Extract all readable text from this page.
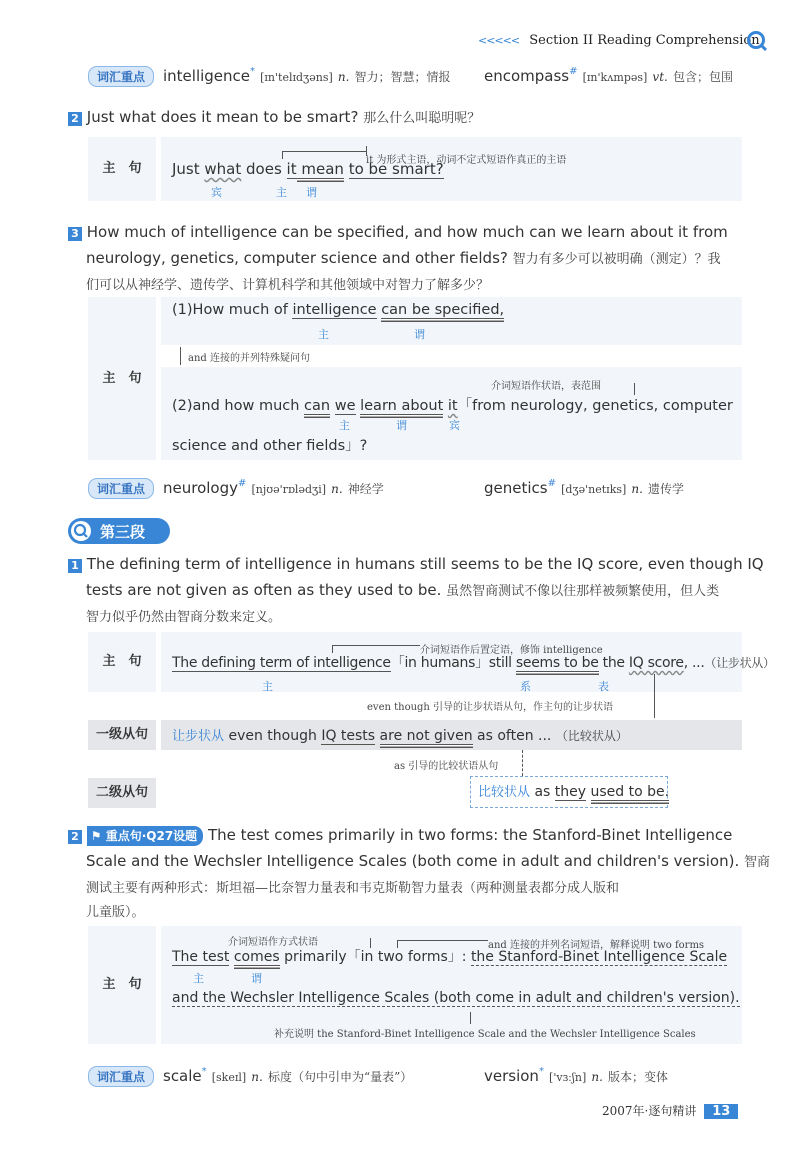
<<<<< Section II Reading Comprehension
词汇重点	intelligence* [ɪn'telɪdʒəns] n. 智力；智慧；情报 encompass# [ɪn'kʌmpəs] vt. 包含；包围
2 Just what does it mean to be smart? 那么什么叫聪明呢？
主　句
it 为形式主语，动词不定式短语作真正的主语
Just what does it mean to be smart?
宾	主 谓
3 How much of intelligence can be specified, and how much can we learn about it from
neurology, genetics, computer science and other fields? 智力有多少可以被明确（测定）？我
们可以从神经学、遗传学、计算机科学和其他领域中对智力了解多少？
主　句
(1)How much of intelligence can be specified,
主	谓
and 连接的并列特殊疑问句
介词短语作状语，表范围
(2)and how much can we learn about it「from neurology, genetics, computer
主	谓	宾
science and other fields」?
词汇重点	neurology# [njʊə'rɒlədʒi] n. 神经学	genetics# [dʒə'netɪks] n. 遗传学
第三段
1 The defining term of intelligence in humans still seems to be the IQ score, even though IQ
tests are not given as often as they used to be. 虽然智商测试不像以往那样被频繁使用，但人类
智力似乎仍然由智商分数来定义。
主　句
介词短语作后置定语，修饰 intelligence
The defining term of intelligence「in humans」still seems to be the IQ score, ...（让步状从）
主	系	表
even though 引导的让步状语从句，作主句的让步状语
一级从句	让步状从 even though IQ tests are not given as often ... （比较状从）
as 引导的比较状语从句
二级从句	比较状从 as they used to be.
2 ⚑ 重点句·Q27设题 The test comes primarily in two forms: the Stanford-Binet Intelligence
Scale and the Wechsler Intelligence Scales (both come in adult and children's version). 智商
测试主要有两种形式：斯坦福—比奈智力量表和韦克斯勒智力量表（两种测量表都分成人版和
儿童版）。
主　句
介词短语作方式状语	and 连接的并列名词短语，解释说明 two forms
The test comes primarily「in two forms」: the Stanford-Binet Intelligence Scale
主	谓
and the Wechsler Intelligence Scales (both come in adult and children's version).
补充说明 the Stanford-Binet Intelligence Scale and the Wechsler Intelligence Scales
词汇重点	scale* [skeɪl] n. 标度（句中引申为“量表”）	version* ['vɜːʃn] n. 版本；变体
2007年·逐句精讲 13
